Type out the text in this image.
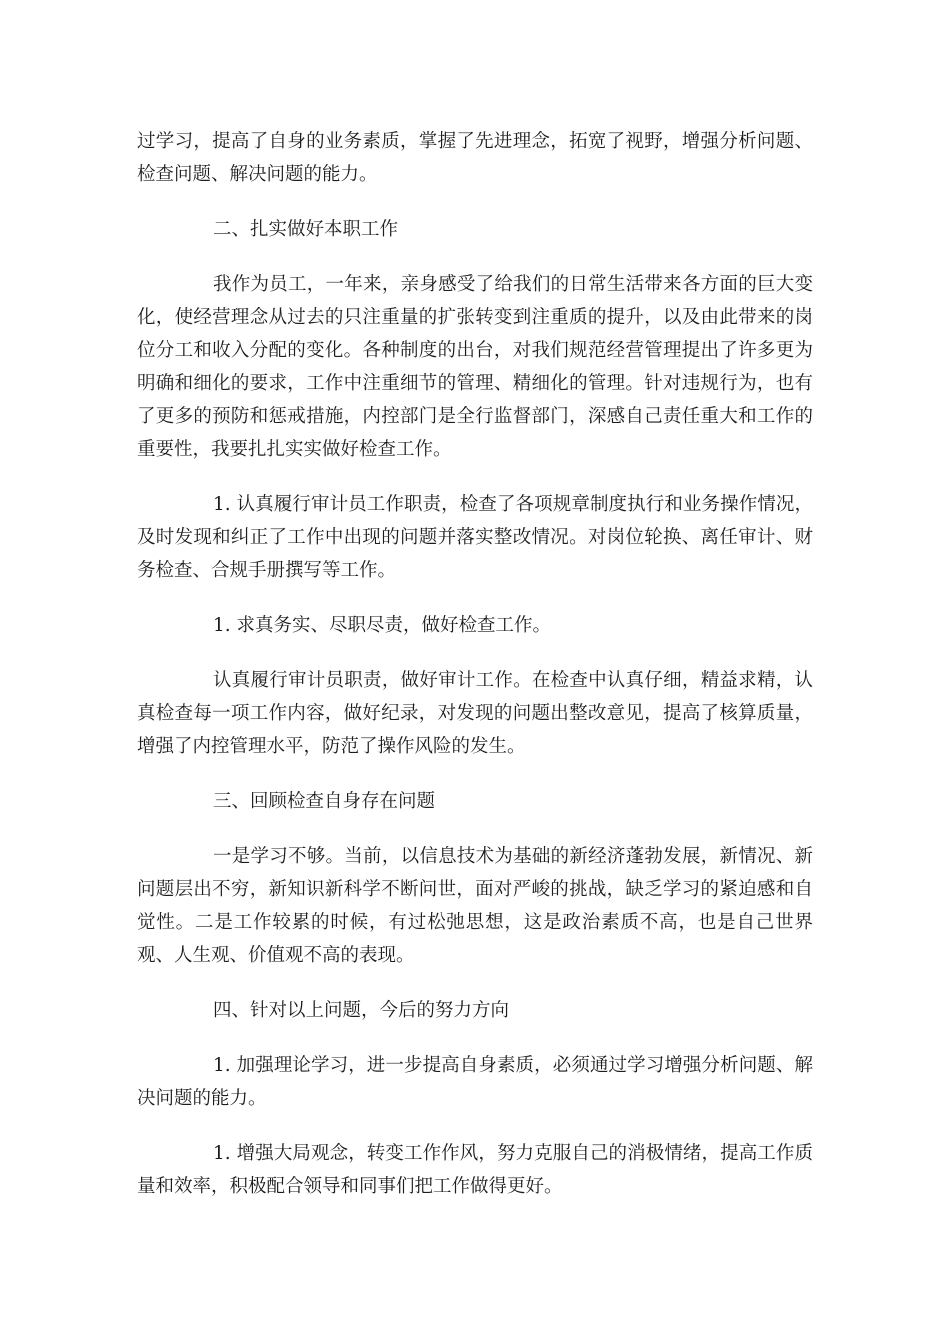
过学习，提高了自身的业务素质，掌握了先进理念，拓宽了视野，增强分析问题、检查问题、解决问题的能力。

二、扎实做好本职工作

我作为员工，一年来，亲身感受了给我们的日常生活带来各方面的巨大变化，使经营理念从过去的只注重量的扩张转变到注重质的提升，以及由此带来的岗位分工和收入分配的变化。各种制度的出台，对我们规范经营管理提出了许多更为明确和细化的要求，工作中注重细节的管理、精细化的管理。针对违规行为，也有了更多的预防和惩戒措施，内控部门是全行监督部门，深感自己责任重大和工作的重要性，我要扎扎实实做好检查工作。

1. 认真履行审计员工作职责，检查了各项规章制度执行和业务操作情况，及时发现和纠正了工作中出现的问题并落实整改情况。对岗位轮换、离任审计、财务检查、合规手册撰写等工作。

1. 求真务实、尽职尽责，做好检查工作。

认真履行审计员职责，做好审计工作。在检查中认真仔细，精益求精，认真检查每一项工作内容，做好纪录，对发现的问题出整改意见，提高了核算质量，增强了内控管理水平，防范了操作风险的发生。

三、回顾检查自身存在问题

一是学习不够。当前，以信息技术为基础的新经济蓬勃发展，新情况、新问题层出不穷，新知识新科学不断问世，面对严峻的挑战，缺乏学习的紧迫感和自觉性。二是工作较累的时候，有过松弛思想，这是政治素质不高，也是自己世界观、人生观、价值观不高的表现。

四、针对以上问题，今后的努力方向

1. 加强理论学习，进一步提高自身素质，必须通过学习增强分析问题、解决问题的能力。

1. 增强大局观念，转变工作作风，努力克服自己的消极情绪，提高工作质量和效率，积极配合领导和同事们把工作做得更好。
